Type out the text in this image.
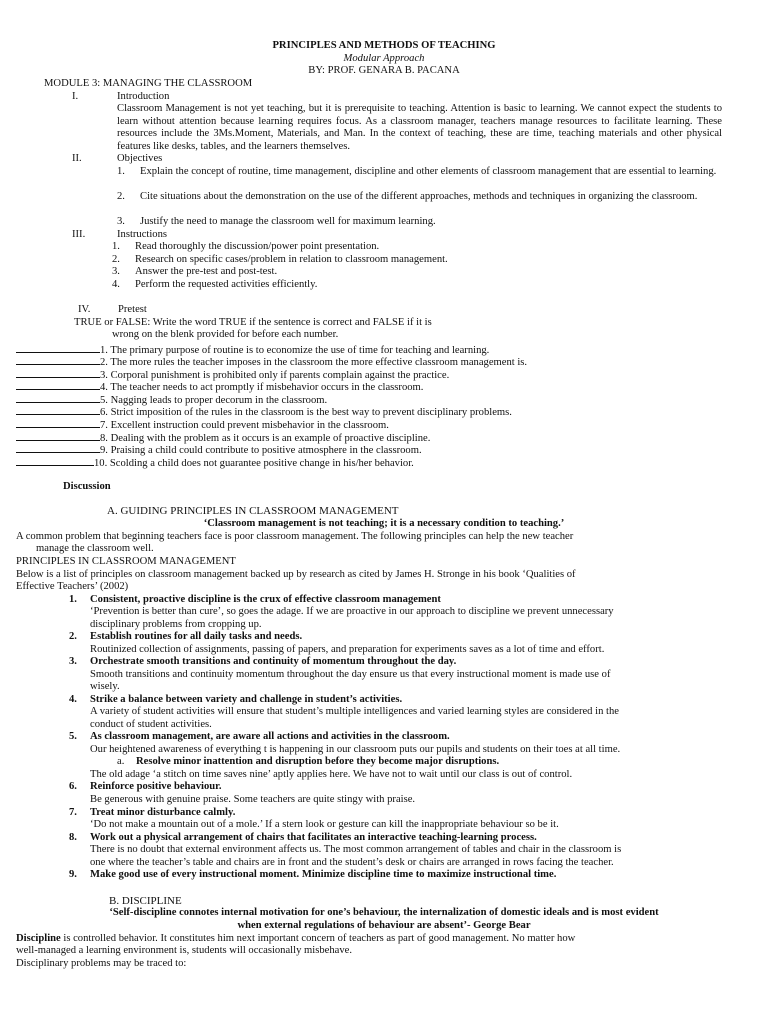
PRINCIPLES AND METHODS OF TEACHING
Modular Approach
BY: PROF. GENARA B. PACANA
MODULE 3: MANAGING THE CLASSROOM
I.	Introduction

Classroom Management is not yet teaching, but it is prerequisite to teaching. Attention is basic to learning. We cannot expect the students to learn without attention because learning requires focus. As a classroom manager, teachers manage resources to facilitate learning. These resources include the 3Ms.Moment, Materials, and Man. In the context of teaching, these are time, teaching materials and other physical features like desks, tables, and the learners themselves.

II.	Objectives
1. Explain the concept of routine, time management, discipline and other elements of classroom management that are essential to learning.

2. Cite situations about the demonstration on the use of the different approaches, methods and techniques in organizing the classroom.

3. Justify the need to manage the classroom well for maximum learning.
III.	Instructions
1. Read thoroughly the discussion/power point presentation.
2. Research on specific cases/problem in relation to classroom management.
3. Answer the pre-test and post-test.
4. Perform the requested activities efficiently.
IV.	Pretest
TRUE or FALSE: Write the word TRUE if the sentence is correct and FALSE if it is
wrong on the blenk provided for before each number.
1. The primary purpose of routine is to economize the use of time for teaching and learning.
2. The more rules the teacher imposes in the classroom the more effective classroom management is.
3. Corporal punishment is prohibited only if parents complain against the practice.
4. The teacher needs to act promptly if misbehavior occurs in the classroom.
5. Nagging leads to proper decorum in the classroom.
6. Strict imposition of the rules in the classroom is the best way to prevent disciplinary problems.
7. Excellent instruction could prevent misbehavior in the classroom.
8. Dealing with the problem as it occurs is an example of proactive discipline.
9. Praising a child could contribute to positive atmosphere in the classroom.
10. Scolding a child does not guarantee positive change in his/her behavior.
Discussion
A. GUIDING PRINCIPLES IN CLASSROOM MANAGEMENT
‘Classroom management is not teaching; it is a necessary condition to teaching.’
A common problem that beginning teachers face is poor classroom management. The following principles can help the new teacher
manage the classroom well.
PRINCIPLES IN CLASSROOM MANAGEMENT
Below is a list of principles on classroom management backed up by research as cited by James H. Stronge in his book ‘Qualities of
Effective Teachers’ (2002)
1. Consistent, proactive discipline is the crux of effective classroom management
‘Prevention is better than cure’, so goes the adage. If we are proactive in our approach to discipline we prevent unnecessary
disciplinary problems from cropping up.
2. Establish routines for all daily tasks and needs.
Routinized collection of assignments, passing of papers, and preparation for experiments saves as a lot of time and effort.
3. Orchestrate smooth transitions and continuity of momentum throughout the day.
Smooth transitions and continuity momentum throughout the day ensure us that every instructional moment is made use of
wisely.
4. Strike a balance between variety and challenge in student’s activities.
A variety of student activities will ensure that student’s multiple intelligences and varied learning styles are considered in the
conduct of student activities.
5. As classroom management, are aware all actions and activities in the classroom.
Our heightened awareness of everything t is happening in our classroom puts our pupils and students on their toes at all time.
a. Resolve minor inattention and disruption before they become major disruptions.
The old adage ‘a stitch on time saves nine’ aptly applies here. We have not to wait until our class is out of control.
6. Reinforce positive behaviour.
Be generous with genuine praise. Some teachers are quite stingy with praise.
7. Treat minor disturbance calmly.
‘Do not make a mountain out of a mole.’ If a stern look or gesture can kill the inappropriate behaviour so be it.
8. Work out a physical arrangement of chairs that facilitates an interactive teaching-learning process.
There is no doubt that external environment affects us. The most common arrangement of tables and chair in the classroom is
one where the teacher’s table and chairs are in front and the student’s desk or chairs are arranged in rows facing the teacher.
9. Make good use of every instructional moment. Minimize discipline time to maximize instructional time.
B. DISCIPLINE
‘Self-discipline connotes internal motivation for one’s behaviour, the internalization of domestic ideals and is most evident
when external regulations of behaviour are absent’- George Bear
Discipline is controlled behavior. It constitutes him next important concern of teachers as part of good management. No matter how
well-managed a learning environment is, students will occasionally misbehave.
Disciplinary problems may be traced to:
